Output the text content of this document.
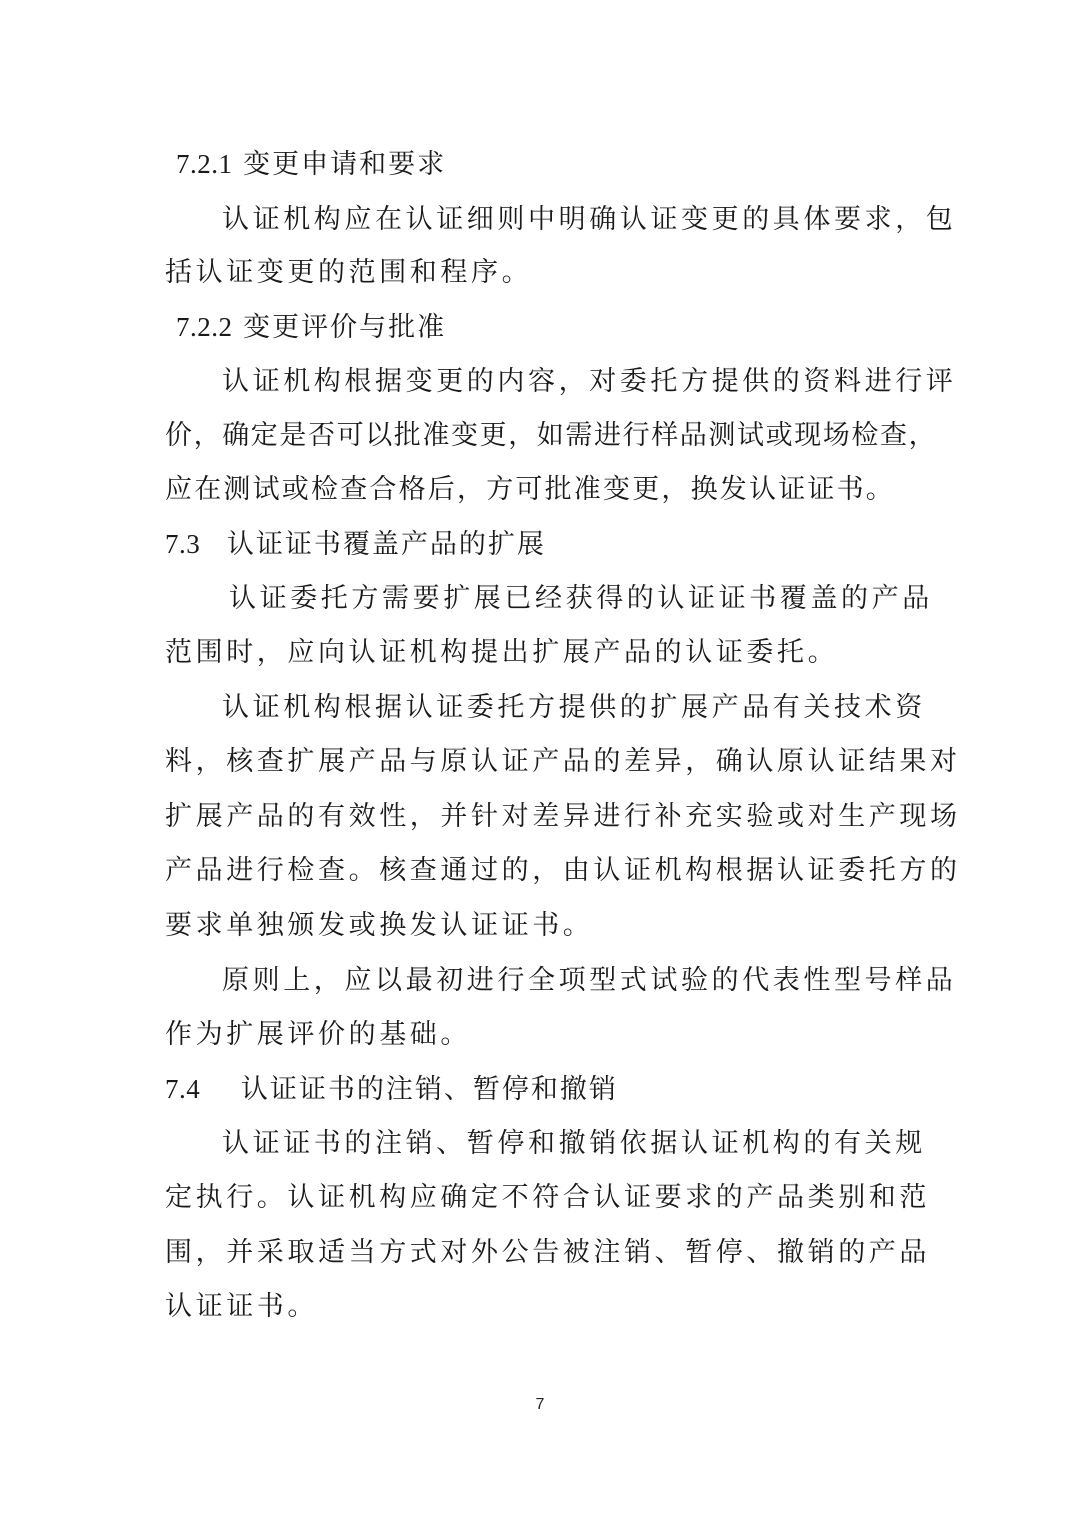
7.2.1 变更申请和要求
认证机构应在认证细则中明确认证变更的具体要求，包
括认证变更的范围和程序。
7.2.2 变更评价与批准
认证机构根据变更的内容，对委托方提供的资料进行评
价，确定是否可以批准变更，如需进行样品测试或现场检查，
应在测试或检查合格后，方可批准变更，换发认证证书。
7.3 认证证书覆盖产品的扩展
认证委托方需要扩展已经获得的认证证书覆盖的产品
范围时，应向认证机构提出扩展产品的认证委托。
认证机构根据认证委托方提供的扩展产品有关技术资
料，核查扩展产品与原认证产品的差异，确认原认证结果对
扩展产品的有效性，并针对差异进行补充实验或对生产现场
产品进行检查。核查通过的，由认证机构根据认证委托方的
要求单独颁发或换发认证证书。
原则上，应以最初进行全项型式试验的代表性型号样品
作为扩展评价的基础。
7.4 认证证书的注销、暂停和撤销
认证证书的注销、暂停和撤销依据认证机构的有关规
定执行。认证机构应确定不符合认证要求的产品类别和范
围，并采取适当方式对外公告被注销、暂停、撤销的产品
认证证书。
7
